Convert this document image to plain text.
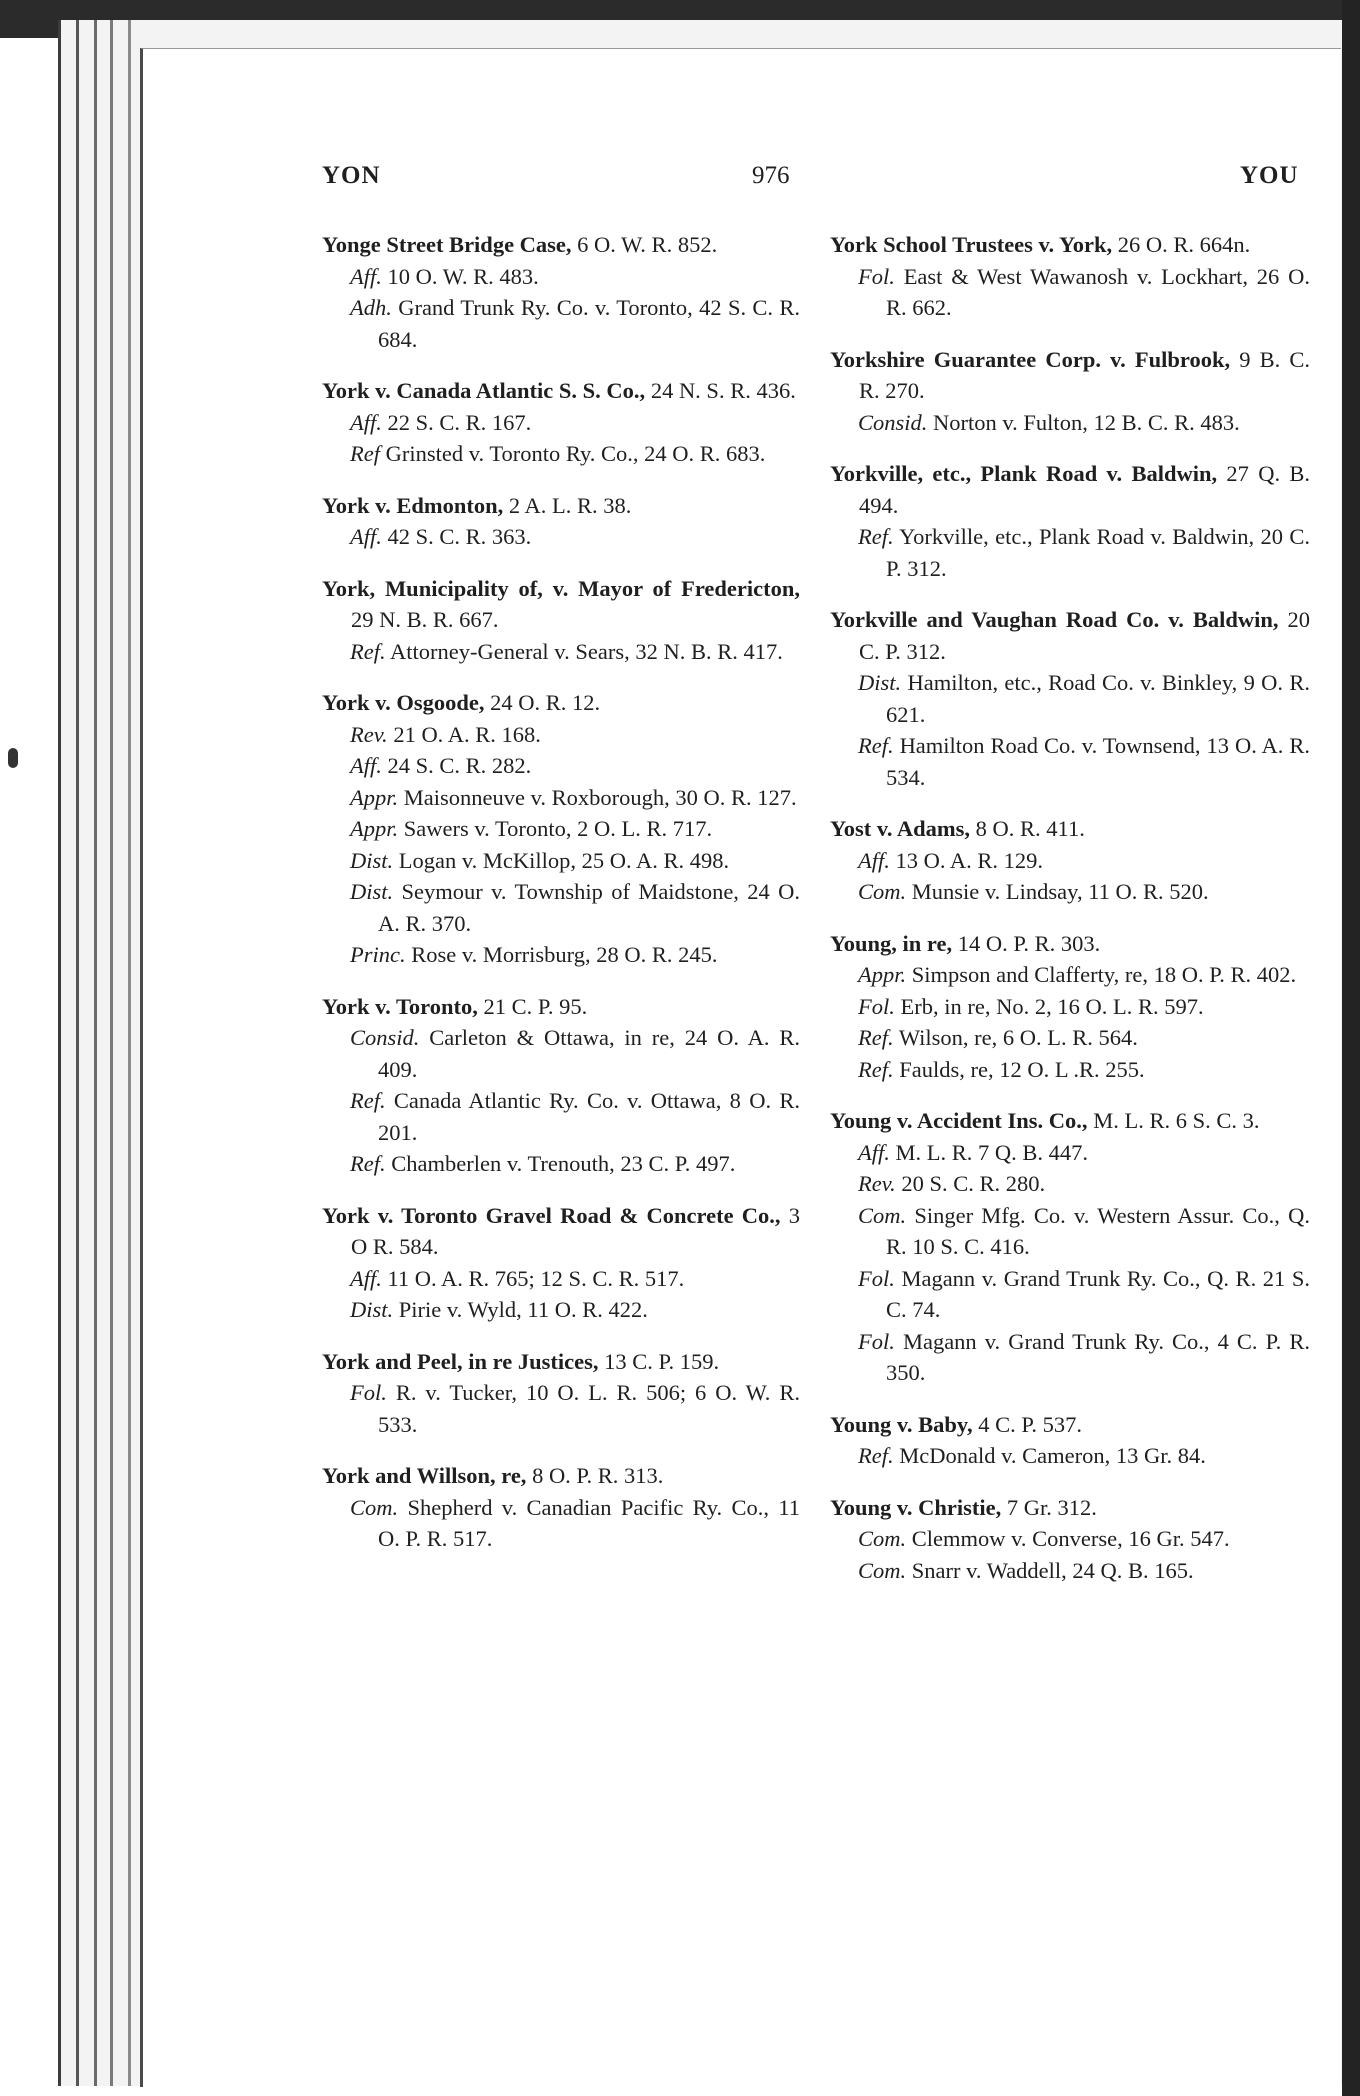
YON	976	YOU
Yonge Street Bridge Case, 6 O. W. R. 852.
Aff. 10 O. W. R. 483.
Adh. Grand Trunk Ry. Co. v. Toronto, 42 S. C. R. 684.
York v. Canada Atlantic S. S. Co., 24 N. S. R. 436.
Aff. 22 S. C. R. 167.
Ref Grinsted v. Toronto Ry. Co., 24 O. R. 683.
York v. Edmonton, 2 A. L. R. 38.
Aff. 42 S. C. R. 363.
York, Municipality of, v. Mayor of Fredericton, 29 N. B. R. 667.
Ref. Attorney-General v. Sears, 32 N. B. R. 417.
York v. Osgoode, 24 O. R. 12.
Rev. 21 O. A. R. 168.
Aff. 24 S. C. R. 282.
Appr. Maisonneuve v. Roxborough, 30 O. R. 127.
Appr. Sawers v. Toronto, 2 O. L. R. 717.
Dist. Logan v. McKillop, 25 O. A. R. 498.
Dist. Seymour v. Township of Maidstone, 24 O. A. R. 370.
Princ. Rose v. Morrisburg, 28 O. R. 245.
York v. Toronto, 21 C. P. 95.
Consid. Carleton & Ottawa, in re, 24 O. A. R. 409.
Ref. Canada Atlantic Ry. Co. v. Ottawa, 8 O. R. 201.
Ref. Chamberlen v. Trenouth, 23 C. P. 497.
York v. Toronto Gravel Road & Concrete Co., 3 O R. 584.
Aff. 11 O. A. R. 765; 12 S. C. R. 517.
Dist. Pirie v. Wyld, 11 O. R. 422.
York and Peel, in re Justices, 13 C. P. 159.
Fol. R. v. Tucker, 10 O. L. R. 506; 6 O. W. R. 533.
York and Willson, re, 8 O. P. R. 313.
Com. Shepherd v. Canadian Pacific Ry. Co., 11 O. P. R. 517.
York School Trustees v. York, 26 O. R. 664n.
Fol. East & West Wawanosh v. Lockhart, 26 O. R. 662.
Yorkshire Guarantee Corp. v. Fulbrook, 9 B. C. R. 270.
Consid. Norton v. Fulton, 12 B. C. R. 483.
Yorkville, etc., Plank Road v. Baldwin, 27 Q. B. 494.
Ref. Yorkville, etc., Plank Road v. Baldwin, 20 C. P. 312.
Yorkville and Vaughan Road Co. v. Baldwin, 20 C. P. 312.
Dist. Hamilton, etc., Road Co. v. Binkley, 9 O. R. 621.
Ref. Hamilton Road Co. v. Townsend, 13 O. A. R. 534.
Yost v. Adams, 8 O. R. 411.
Aff. 13 O. A. R. 129.
Com. Munsie v. Lindsay, 11 O. R. 520.
Young, in re, 14 O. P. R. 303.
Appr. Simpson and Clafferty, re, 18 O. P. R. 402.
Fol. Erb, in re, No. 2, 16 O. L. R. 597.
Ref. Wilson, re, 6 O. L. R. 564.
Ref. Faulds, re, 12 O. L .R. 255.
Young v. Accident Ins. Co., M. L. R. 6 S. C. 3.
Aff. M. L. R. 7 Q. B. 447.
Rev. 20 S. C. R. 280.
Com. Singer Mfg. Co. v. Western Assur. Co., Q. R. 10 S. C. 416.
Fol. Magann v. Grand Trunk Ry. Co., Q. R. 21 S. C. 74.
Fol. Magann v. Grand Trunk Ry. Co., 4 C. P. R. 350.
Young v. Baby, 4 C. P. 537.
Ref. McDonald v. Cameron, 13 Gr. 84.
Young v. Christie, 7 Gr. 312.
Com. Clemmow v. Converse, 16 Gr. 547.
Com. Snarr v. Waddell, 24 Q. B. 165.
